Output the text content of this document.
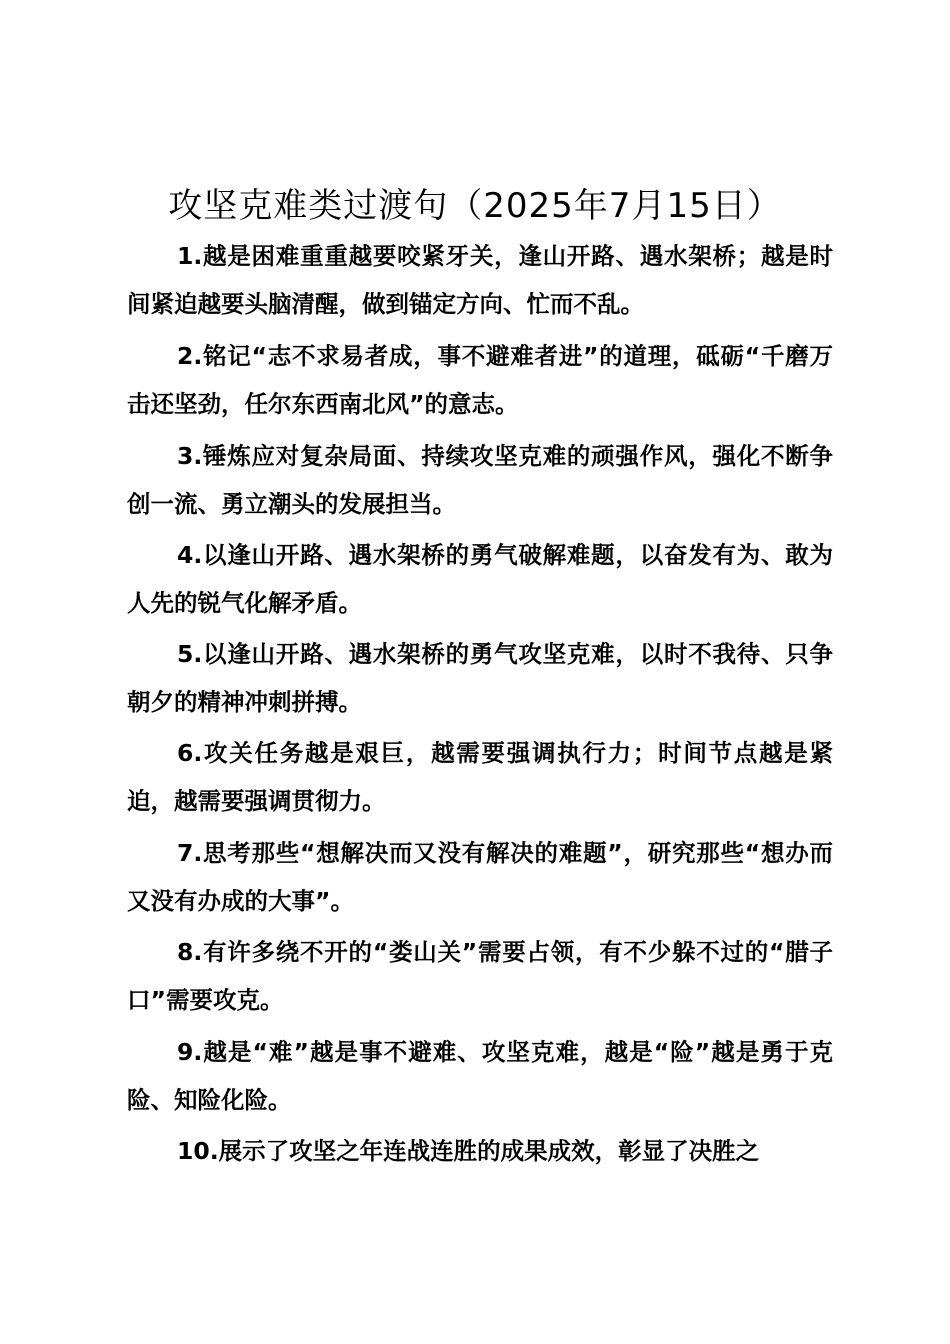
攻坚克难类过渡句（2025年7月15日）

1.越是困难重重越要咬紧牙关，逢山开路、遇水架桥；越是时间紧迫越要头脑清醒，做到锚定方向、忙而不乱。

2.铭记“志不求易者成，事不避难者进”的道理，砥砺“千磨万击还坚劲，任尔东西南北风”的意志。

3.锤炼应对复杂局面、持续攻坚克难的顽强作风，强化不断争创一流、勇立潮头的发展担当。

4.以逢山开路、遇水架桥的勇气破解难题，以奋发有为、敢为人先的锐气化解矛盾。

5.以逢山开路、遇水架桥的勇气攻坚克难，以时不我待、只争朝夕的精神冲刺拼搏。

6.攻关任务越是艰巨，越需要强调执行力；时间节点越是紧迫，越需要强调贯彻力。

7.思考那些“想解决而又没有解决的难题”，研究那些“想办而又没有办成的大事”。

8.有许多绕不开的“娄山关”需要占领，有不少躲不过的“腊子口”需要攻克。

9.越是“难”越是事不避难、攻坚克难，越是“险”越是勇于克险、知险化险。

10.展示了攻坚之年连战连胜的成果成效，彰显了决胜之
